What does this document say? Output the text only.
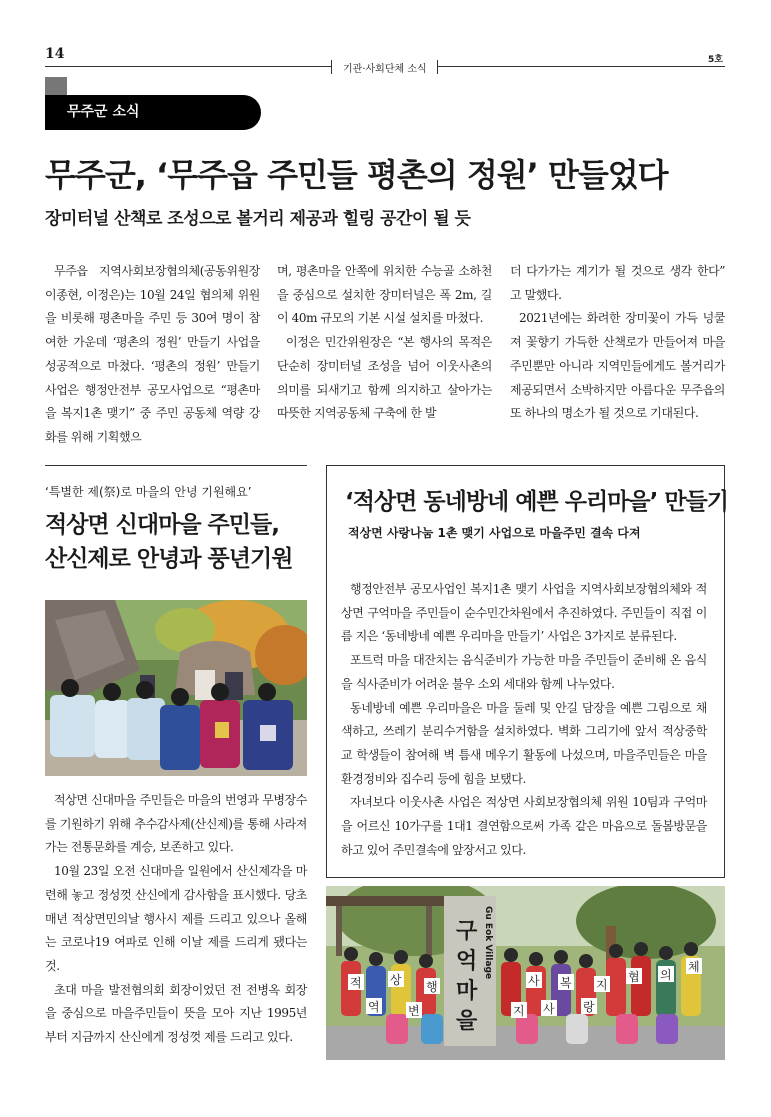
14
기관·사회단체 소식
5호
무주군 소식
무주군, ‘무주읍 주민들 평촌의 정원’ 만들었다
장미터널 산책로 조성으로 볼거리 제공과 힐링 공간이 될 듯

무주읍 지역사회보장협의체(공동위원장 이종현, 이정은)는 10월 24일 협의체 위원을 비롯해 평촌마을 주민 등 30여 명이 참여한 가운데 ‘평촌의 정원’ 만들기 사업을 성공적으로 마쳤다. ‘평촌의 정원’ 만들기 사업은 행정안전부 공모사업으로 “평촌마을 복지1촌 맺기” 중 주민 공동체 역량 강화를 위해 기획했으

며, 평촌마을 안쪽에 위치한 수능골 소하천을 중심으로 설치한 장미터널은 폭 2m, 길이 40m 규모의 기본 시설 설치를 마쳤다.

이정은 민간위원장은 “본 행사의 목적은 단순히 장미터널 조성을 넘어 이웃사촌의 의미를 되새기고 함께 의지하고 살아가는 따뜻한 지역공동체 구축에 한 발

더 다가가는 계기가 될 것으로 생각 한다” 고 말했다.

2021년에는 화려한 장미꽃이 가득 넝쿨져 꽃향기 가득한 산책로가 만들어져 마을 주민뿐만 아니라 지역민들에게도 볼거리가 제공되면서 소박하지만 아름다운 무주읍의 또 하나의 명소가 될 것으로 기대된다.

‘특별한 제(祭)로 마을의 안녕 기원해요’
적상면 신대마을 주민들,
산신제로 안녕과 풍년기원

적상면 신대마을 주민들은 마을의 번영과 무병장수를 기원하기 위해 추수감사제(산신제)를 통해 사라져 가는 전통문화를 계승, 보존하고 있다.

10월 23일 오전 신대마을 일원에서 산신제각을 마련해 놓고 정성껏 산신에게 감사함을 표시했다. 당초 매년 적상면민의날 행사시 제를 드리고 있으나 올해는 코로나19 여파로 인해 이날 제를 드리게 됐다는 것.

초대 마을 발전협의회 회장이었던 전 전병옥 회장을 중심으로 마을주민들이 뜻을 모아 지난 1995년부터 지금까지 산신에게 정성껏 제를 드리고 있다.

‘적상면 동네방네 예쁜 우리마을’ 만들기
적상면 사랑나눔 1촌 맺기 사업으로 마을주민 결속 다져

행정안전부 공모사업인 복지1촌 맺기 사업을 지역사회보장협의체와 적상면 구억마을 주민들이 순수민간차원에서 추진하였다. 주민들이 직접 이름 지은 ‘동네방네 예쁜 우리마을 만들기’ 사업은 3가지로 분류된다.

포트럭 마을 대잔치는 음식준비가 가능한 마을 주민들이 준비해 온 음식을 식사준비가 어려운 불우 소외 세대와 함께 나누었다.

동네방네 예쁜 우리마을은 마을 둘레 및 안길 담장을 예쁜 그림으로 채색하고, 쓰레기 분리수거함을 설치하였다. 벽화 그리기에 앞서 적상중학교 학생들이 참여해 벽 틈새 메우기 활동에 나섰으며, 마을주민들은 마을환경정비와 집수리 등에 힘을 보탰다.

자녀보다 이웃사촌 사업은 적상면 사회보장협의체 위원 10팀과 구억마을 어르신 10가구를 1대1 결연함으로써 가족 같은 마음으로 돌봄방문을 하고 있어 주민결속에 앞장서고 있다.

구
억
마
을
Gu Eok Village
적 상 행	사 복 지
협 의
체
역 변	지 사 랑
